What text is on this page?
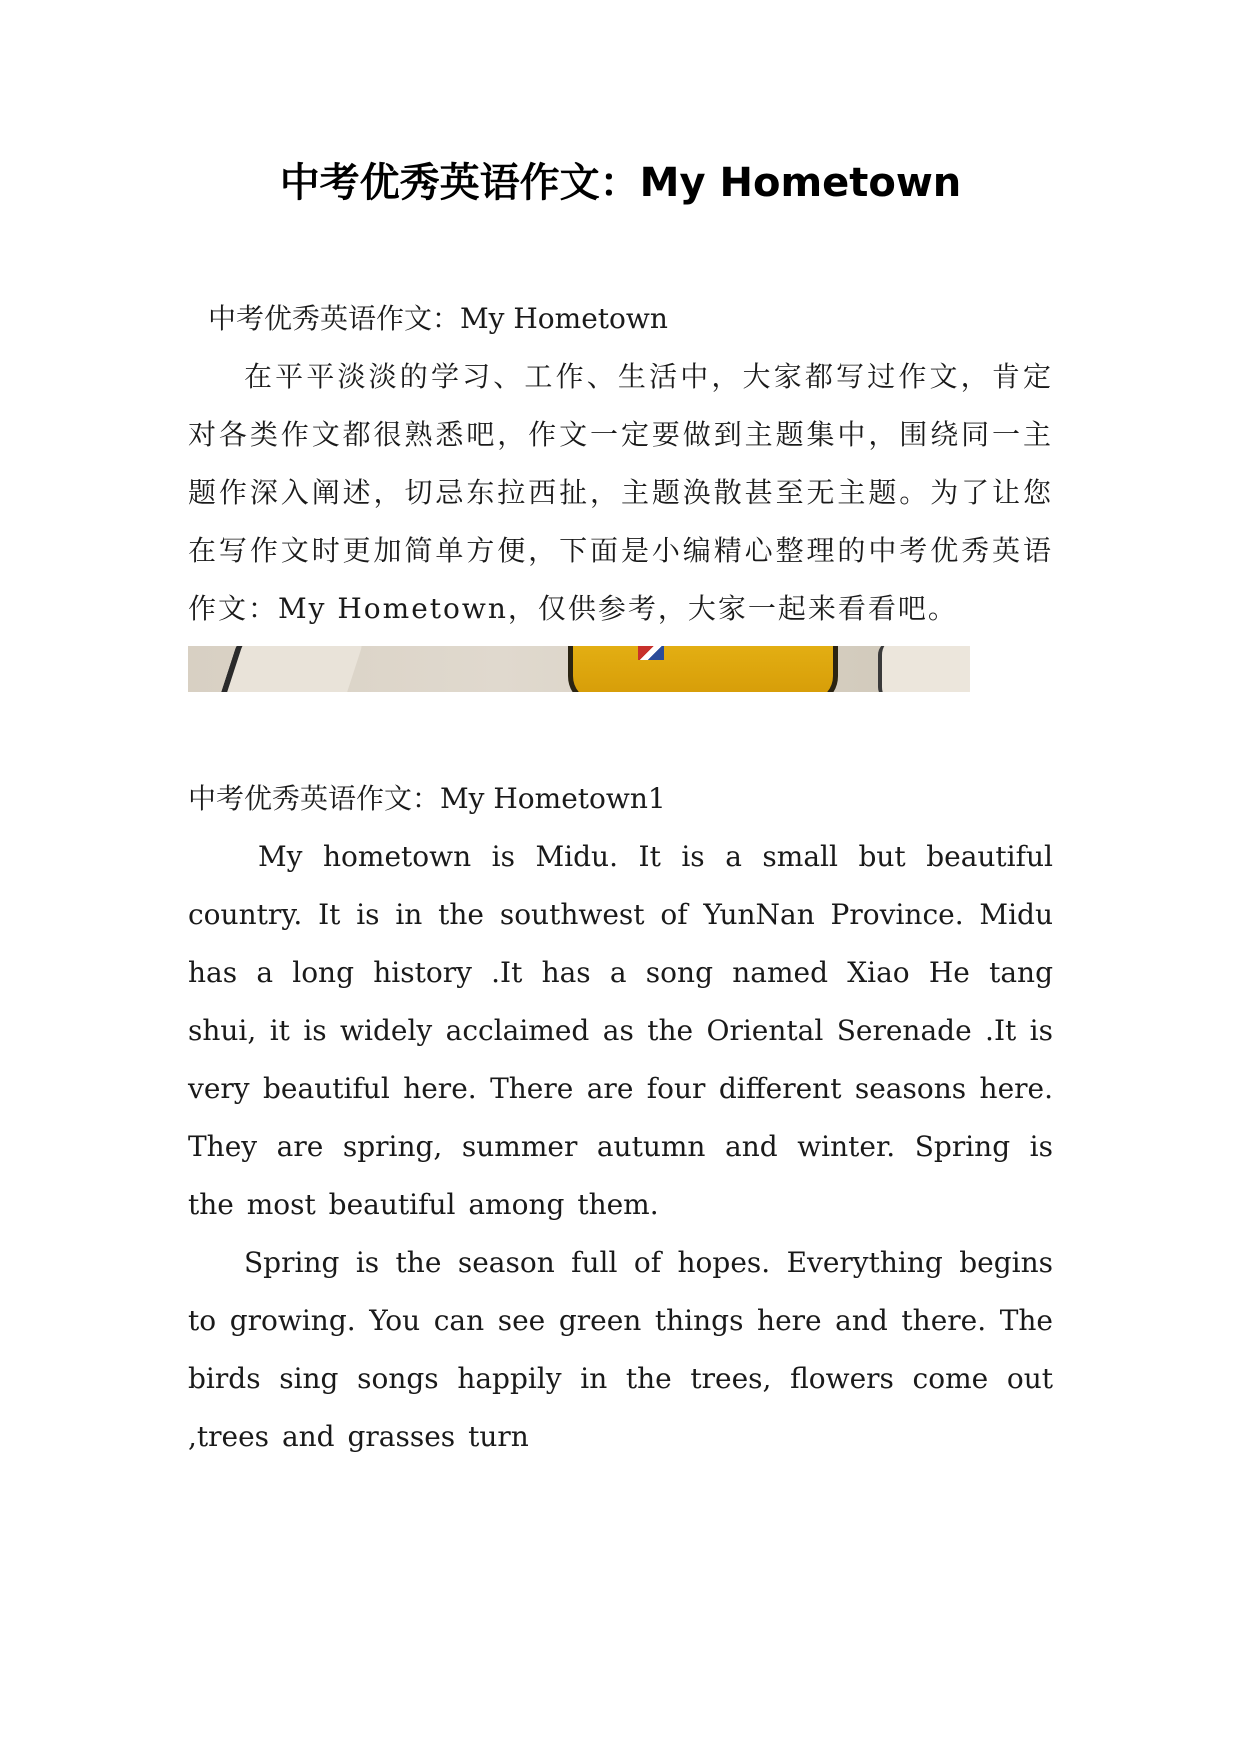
中考优秀英语作文：My Hometown

中考优秀英语作文：My Hometown

在平平淡淡的学习、工作、生活中，大家都写过作文，肯定对各类作文都很熟悉吧，作文一定要做到主题集中，围绕同一主题作深入阐述，切忌东拉西扯，主题涣散甚至无主题。为了让您在写作文时更加简单方便，下面是小编精心整理的中考优秀英语作文：My Hometown，仅供参考，大家一起来看看吧。

中考优秀英语作文：My Hometown1

My hometown is Midu. It is a small but beautiful country. It is in the southwest of YunNan Province. Midu has a long history .It has a song named Xiao He tang shui, it is widely acclaimed as the Oriental Serenade .It is very beautiful here. There are four different seasons here. They are spring, summer autumn and winter. Spring is the most beautiful among them.

Spring is the season full of hopes. Everything begins to growing. You can see green things here and there. The birds sing songs happily in the trees, flowers come out ,trees and grasses turn
